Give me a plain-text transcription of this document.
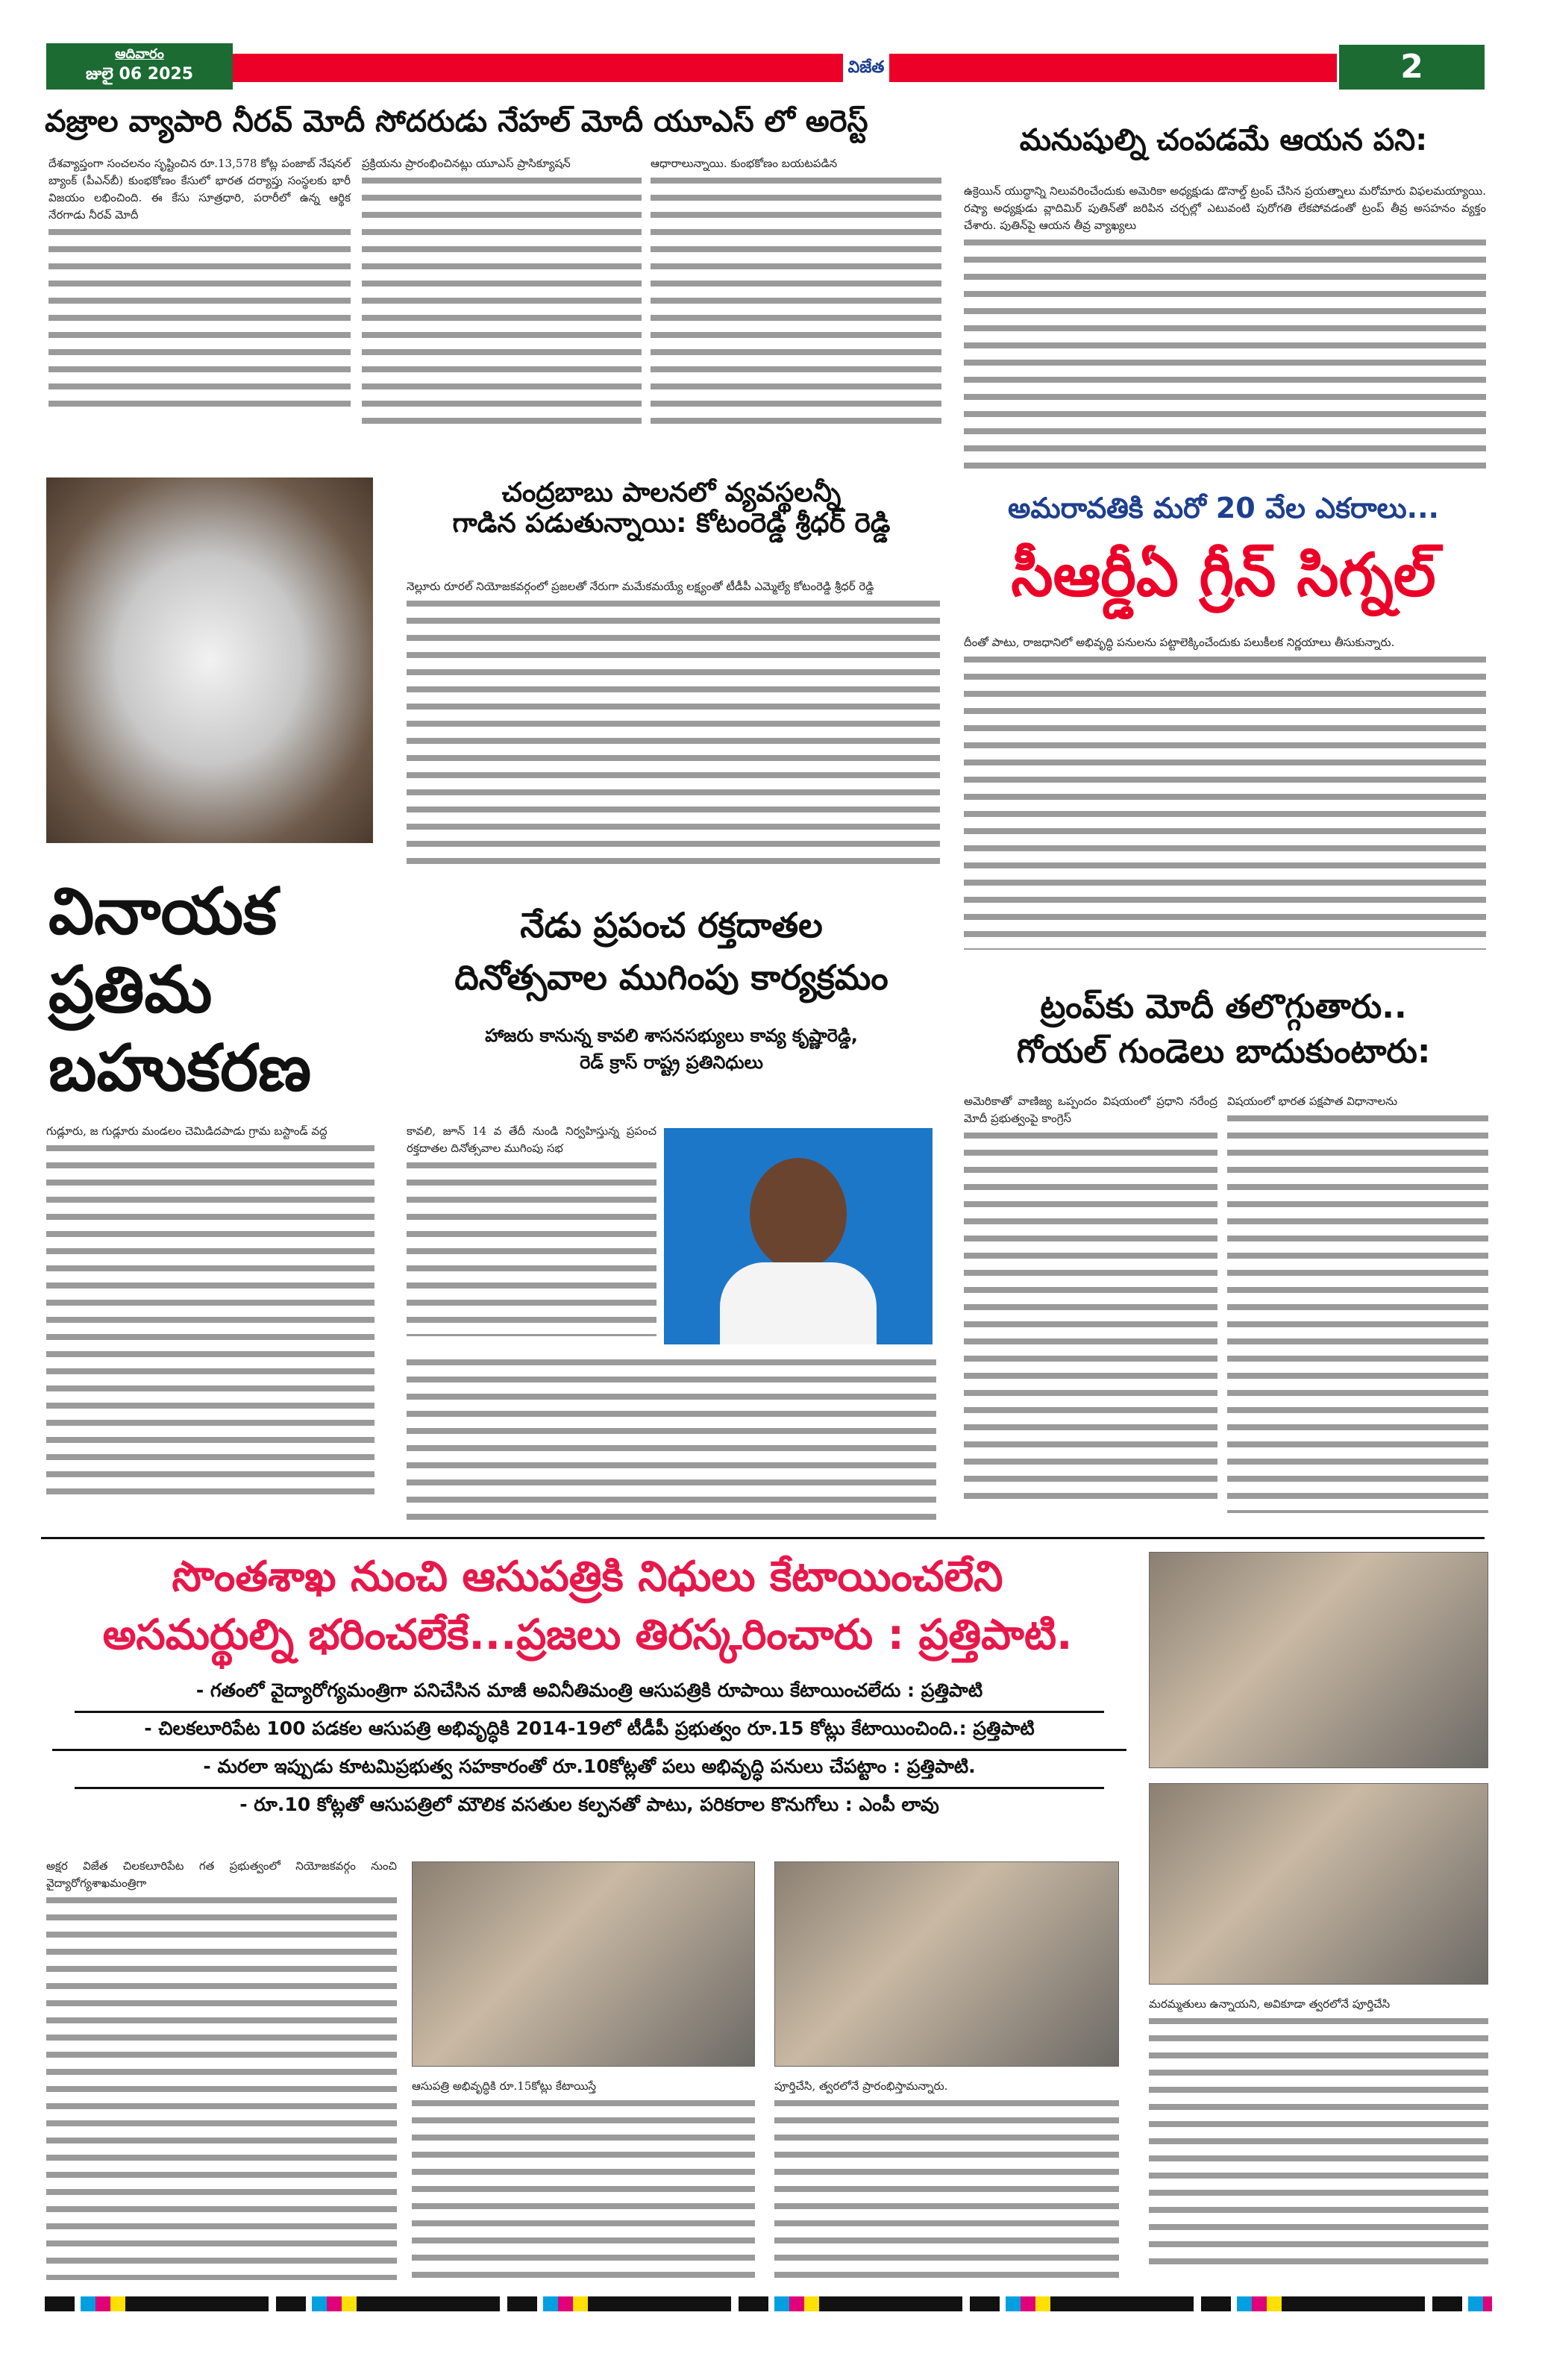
ఆదివారం
జులై 06 2025	విజేత	2
వజ్రాల వ్యాపారి నీరవ్ మోదీ సోదరుడు నేహల్ మోదీ యూఎస్ లో అరెస్ట్
దేశవ్యాప్తంగా సంచలనం సృష్టించిన రూ.13,578 కోట్ల పంజాబ్ నేషనల్ బ్యాంక్ (పీఎన్‌బీ) కుంభకోణం కేసులో భారత దర్యాప్తు సంస్థలకు భారీ విజయం లభించింది. ఈ కేసు సూత్రధారి, పరారీలో ఉన్న ఆర్థిక నేరగాడు నీరవ్ మోదీ
ప్రక్రియను ప్రారంభించినట్లు యూఎస్ ప్రాసిక్యూషన్	ఆధారాలున్నాయి. కుంభకోణం బయటపడిన
మనుషుల్ని చంపడమే ఆయన పని:
ఉక్రెయిన్ యుద్ధాన్ని నిలువరించేందుకు అమెరికా అధ్యక్షుడు డొనాల్డ్ ట్రంప్ చేసిన ప్రయత్నాలు మరోమారు విఫలమయ్యాయి. రష్యా అధ్యక్షుడు వ్లాదిమిర్ పుతిన్‌తో జరిపిన చర్చల్లో ఎటువంటి పురోగతి లేకపోవడంతో ట్రంప్ తీవ్ర అసహనం వ్యక్తం చేశారు. పుతిన్‌పై ఆయన తీవ్ర వ్యాఖ్యలు
చంద్రబాబు పాలనలో వ్యవస్థలన్నీ
గాడిన పడుతున్నాయి: కోటంరెడ్డి శ్రీధర్ రెడ్డి
నెల్లూరు రూరల్ నియోజకవర్గంలో ప్రజలతో నేరుగా మమేకమయ్యే లక్ష్యంతో టీడీపీ ఎమ్మెల్యే కోటంరెడ్డి శ్రీధర్ రెడ్డి
అమరావతికి మరో 20 వేల ఎకరాలు...
సీఆర్డీఏ గ్రీన్ సిగ్నల్
దీంతో పాటు, రాజధానిలో అభివృద్ధి పనులను పట్టాలెక్కించేందుకు పలుకీలక నిర్ణయాలు తీసుకున్నారు.
వినాయక
ప్రతిమ
బహుకరణ
గుడ్లూరు, జ గుడ్లూరు మండలం చెమిడిదపాడు గ్రామ బస్టాండ్ వద్ద
నేడు ప్రపంచ రక్తదాతల
దినోత్సవాల ముగింపు కార్యక్రమం
హాజరు కానున్న కావలి శాసనసభ్యులు కావ్య కృష్ణారెడ్డి,
రెడ్ క్రాస్ రాష్ట్ర ప్రతినిధులు
కావలి, జూన్ 14 వ తేదీ నుండి నిర్వహిస్తున్న ప్రపంచ రక్తదాతల దినోత్సవాల ముగింపు సభ
ట్రంప్‌కు మోదీ తలొగ్గుతారు..
గోయల్ గుండెలు బాదుకుంటారు:
అమెరికాతో వాణిజ్య ఒప్పందం విషయంలో ప్రధాని నరేంద్ర మోదీ ప్రభుత్వంపై కాంగ్రెస్
విషయంలో భారత పక్షపాత విధానాలను
సొంతశాఖ నుంచి ఆసుపత్రికి నిధులు కేటాయించలేని
అసమర్థుల్ని భరించలేకే...ప్రజలు తిరస్కరించారు : ప్రత్తిపాటి.
- గతంలో వైద్యారోగ్యమంత్రిగా పనిచేసిన మాజీ అవినీతిమంత్రి ఆసుపత్రికి రూపాయి కేటాయించలేదు : ప్రత్తిపాటి
- చిలకలూరిపేట 100 పడకల ఆసుపత్రి అభివృద్ధికి 2014-19లో టీడీపీ ప్రభుత్వం రూ.15 కోట్లు కేటాయించింది.: ప్రత్తిపాటి
- మరలా ఇప్పుడు కూటమిప్రభుత్వ సహకారంతో రూ.10కోట్లతో పలు అభివృద్ధి పనులు చేపట్టాం : ప్రత్తిపాటి.
- రూ.10 కోట్లతో ఆసుపత్రిలో మౌలిక వసతుల కల్పనతో పాటు, పరికరాల కొనుగోలు : ఎంపీ లావు
అక్షర విజేత చిలకలూరిపేట గత ప్రభుత్వంలో నియోజకవర్గం నుంచి వైద్యారోగ్యశాఖమంత్రిగా
ఆసుపత్రి అభివృద్ధికి రూ.15కోట్లు కేటాయిస్తే	పూర్తిచేసి, త్వరలోనే ప్రారంభిస్తామన్నారు.
మరమ్మతులు ఉన్నాయని, అవికూడా త్వరలోనే పూర్తిచేసి
